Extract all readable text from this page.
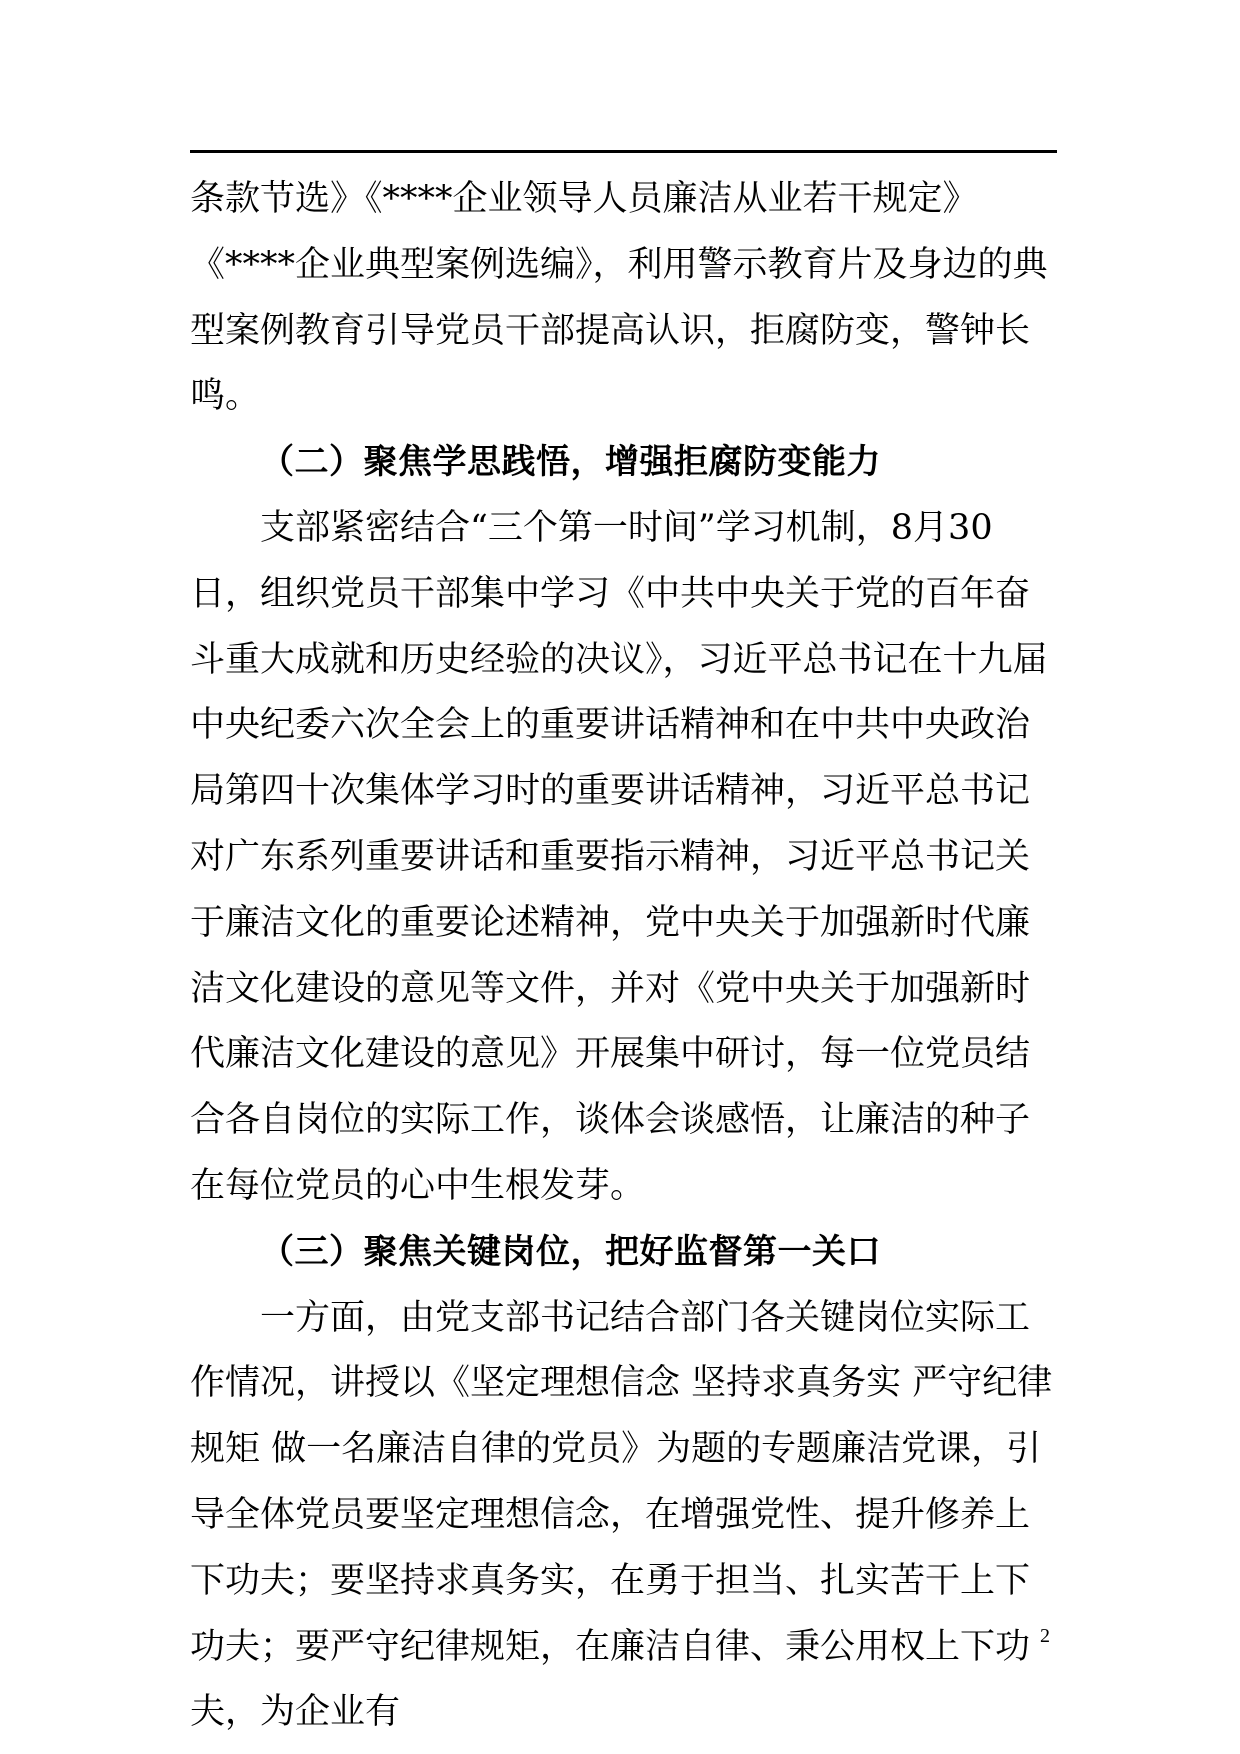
条款节选》《****企业领导人员廉洁从业若干规定》《****企业典型案例选编》，利用警示教育片及身边的典型案例教育引导党员干部提高认识，拒腐防变，警钟长鸣。

（二）聚焦学思践悟，增强拒腐防变能力

支部紧密结合“三个第一时间”学习机制，8月30日，组织党员干部集中学习《中共中央关于党的百年奋斗重大成就和历史经验的决议》，习近平总书记在十九届中央纪委六次全会上的重要讲话精神和在中共中央政治局第四十次集体学习时的重要讲话精神，习近平总书记对广东系列重要讲话和重要指示精神，习近平总书记关于廉洁文化的重要论述精神，党中央关于加强新时代廉洁文化建设的意见等文件，并对《党中央关于加强新时代廉洁文化建设的意见》开展集中研讨，每一位党员结合各自岗位的实际工作，谈体会谈感悟，让廉洁的种子在每位党员的心中生根发芽。

（三）聚焦关键岗位，把好监督第一关口

一方面，由党支部书记结合部门各关键岗位实际工作情况，讲授以《坚定理想信念 坚持求真务实 严守纪律规矩 做一名廉洁自律的党员》为题的专题廉洁党课，引导全体党员要坚定理想信念，在增强党性、提升修养上下功夫；要坚持求真务实，在勇于担当、扎实苦干上下功夫；要严守纪律规矩，在廉洁自律、秉公用权上下功夫，为企业有

2
